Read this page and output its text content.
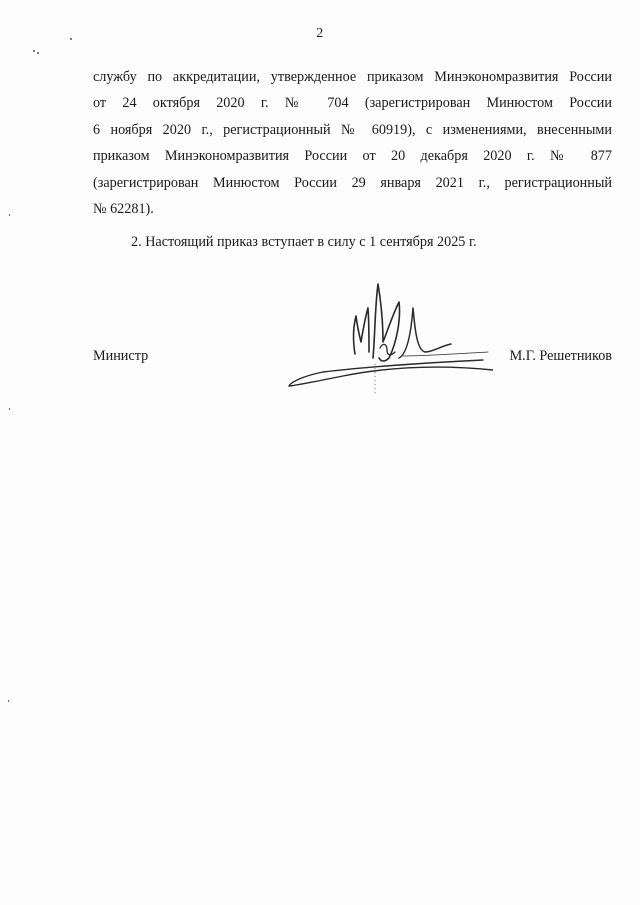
2

службу по аккредитации, утвержденное приказом Минэкономразвития России
от 24 октября 2020 г. № 704 (зарегистрирован Минюстом России
6 ноября 2020 г., регистрационный № 60919), с изменениями, внесенными
приказом Минэкономразвития России от 20 декабря 2020 г. № 877
(зарегистрирован Минюстом России 29 января 2021 г., регистрационный
№ 62281).

2. Настоящий приказ вступает в силу с 1 сентября 2025 г.

Министр	М.Г. Решетников
